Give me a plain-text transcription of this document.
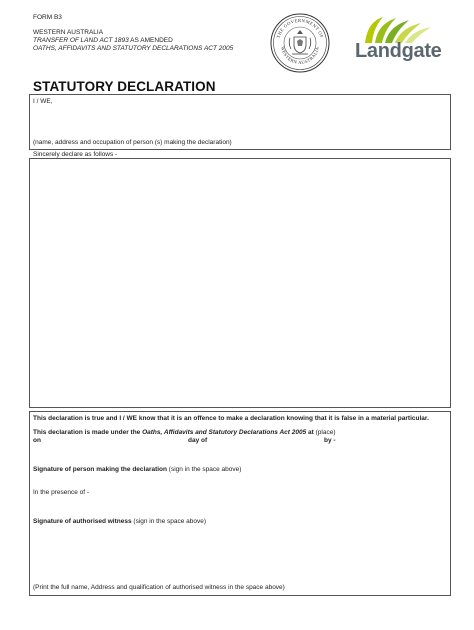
FORM B3
WESTERN AUSTRALIA
TRANSFER OF LAND ACT 1893 AS AMENDED
OATHS, AFFIDAVITS AND STATUTORY DECLARATIONS ACT 2005
THE GOVERNMENT OF
WESTERN AUSTRALIA Landgate
STATUTORY DECLARATION
I / WE,
(name, address and occupation of person (s) making the declaration)
Sincerely declare as follows -
This declaration is true and I / WE know that it is an offence to make a declaration knowing that it is false in a material particular.
This declaration is made under the Oaths, Affidavits and Statutory Declarations Act 2005 at (place)
on	day of	by -
Signature of person making the declaration (sign in the space above)
In the presence of -
Signature of authorised witness (sign in the space above)
(Print the full name, Address and qualification of authorised witness in the space above)
